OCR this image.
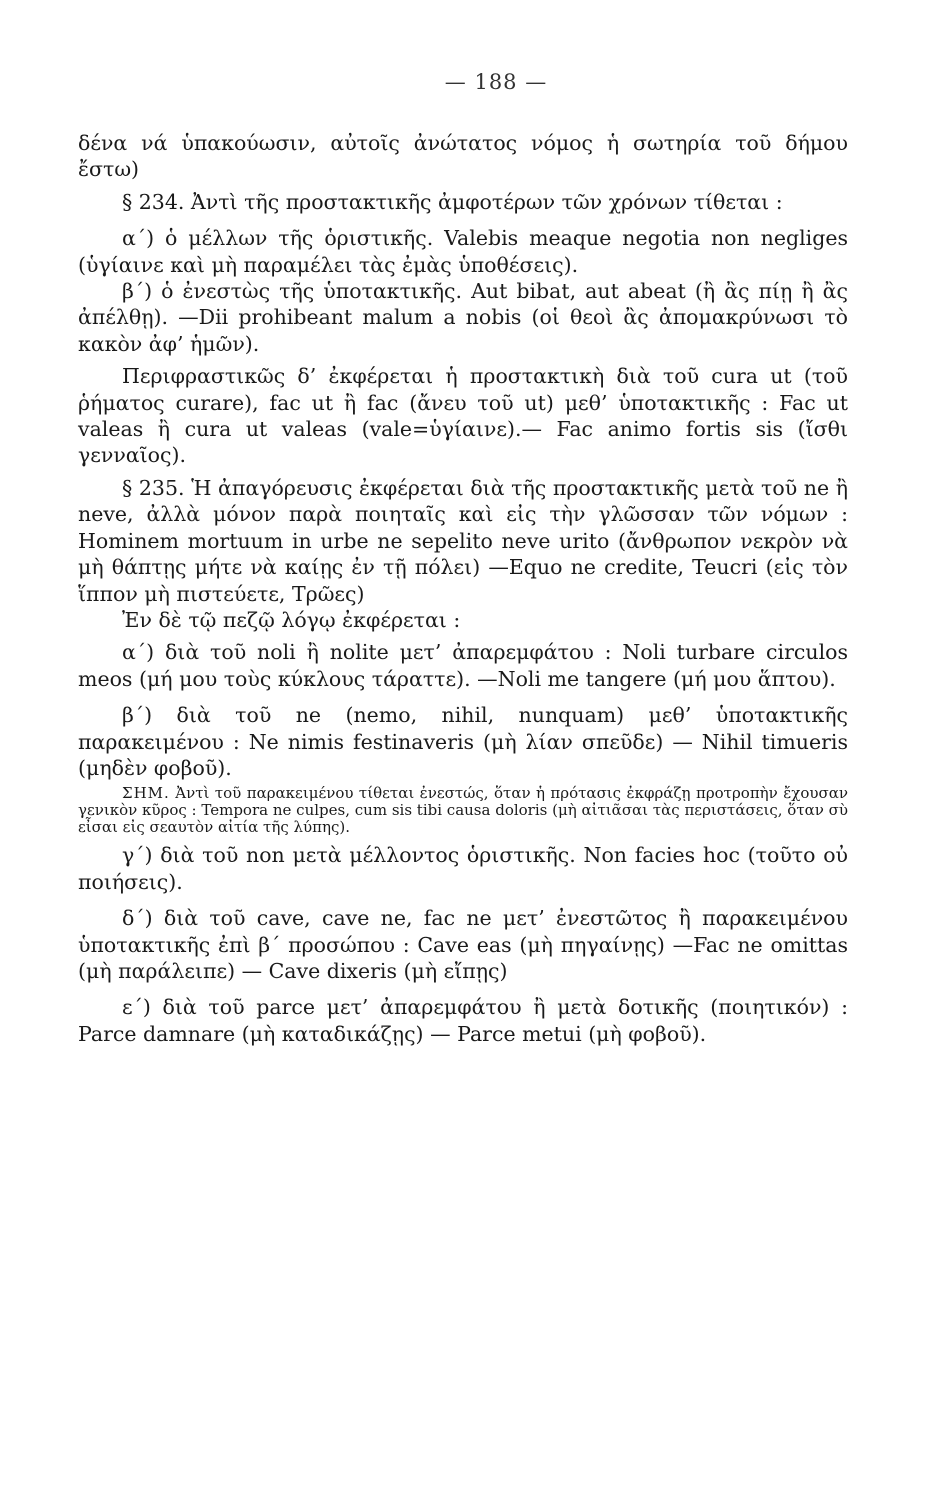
— 188 —

δένα νά ὑπακούωσιν, αὐτοῖς ἀνώτατος νόμος ἡ σωτηρία τοῦ δήμου ἔστω)

§ 234. Ἀντὶ τῆς προστακτικῆς ἀμφοτέρων τῶν χρόνων τίθεται :

α΄) ὁ μέλλων τῆς ὁριστικῆς. Valebis meaque negotia non negliges (ὑγίαινε καὶ μὴ παραμέλει τὰς ἐμὰς ὑποθέσεις).

β΄) ὁ ἐνεστὼς τῆς ὑποτακτικῆς. Aut bibat, aut abeat (ἢ ἂς πίῃ ἢ ἂς ἀπέλθῃ). —Dii prohibeant malum a nobis (οἱ θεοὶ ἂς ἀπομακρύνωσι τὸ κακὸν ἀφ’ ἡμῶν).

Περιφραστικῶς δ’ ἐκφέρεται ἡ προστακτικὴ διὰ τοῦ cura ut (τοῦ ῥήματος curare), fac ut ἢ fac (ἄνευ τοῦ ut) μεθ’ ὑποτακτικῆς : Fac ut valeas ἢ cura ut valeas (vale=ὑγίαινε).— Fac animo fortis sis (ἴσθι γενναῖος).

§ 235. Ἡ ἀπαγόρευσις ἐκφέρεται διὰ τῆς προστακτικῆς μετὰ τοῦ ne ἢ neve, ἀλλὰ μόνον παρὰ ποιηταῖς καὶ εἰς τὴν γλῶσσαν τῶν νόμων : Hominem mortuum in urbe ne sepelito neve urito (ἄνθρωπον νεκρὸν νὰ μὴ θάπτῃς μήτε νὰ καίῃς ἐν τῇ πόλει) —Equo ne credite, Teucri (εἰς τὸν ἵππον μὴ πιστεύετε, Τρῶες)

Ἐν δὲ τῷ πεζῷ λόγῳ ἐκφέρεται :

α΄) διὰ τοῦ noli ἢ nolite μετ’ ἀπαρεμφάτου : Noli turbare circulos meos (μή μου τοὺς κύκλους τάραττε). —Noli me tangere (μή μου ἅπτου).

β΄) διὰ τοῦ ne (nemo, nihil, nunquam) μεθ’ ὑποτακτικῆς παρακειμένου : Ne nimis festinaveris (μὴ λίαν σπεῦδε) — Nihil timueris (μηδὲν φοβοῦ).

ΣΗΜ. Ἀντὶ τοῦ παρακειμένου τίθεται ἐνεστώς, ὅταν ἡ πρότασις ἐκφράζῃ προτροπὴν ἔχουσαν γενικὸν κῦρος : Tempora ne culpes, cum sis tibi causa doloris (μὴ αἰτιᾶσαι τὰς περιστάσεις, ὅταν σὺ εἶσαι εἰς σεαυτὸν αἰτία τῆς λύπης).

γ΄) διὰ τοῦ non μετὰ μέλλοντος ὁριστικῆς. Non facies hoc (τοῦτο οὐ ποιήσεις).

δ΄) διὰ τοῦ cave, cave ne, fac ne μετ’ ἐνεστῶτος ἢ παρακειμένου ὑποτακτικῆς ἐπὶ β΄ προσώπου : Cave eas (μὴ πηγαίνῃς) —Fac ne omittas (μὴ παράλειπε) — Cave dixeris (μὴ εἴπῃς)

ε΄) διὰ τοῦ parce μετ’ ἀπαρεμφάτου ἢ μετὰ δοτικῆς (ποιητικόν) : Parce damnare (μὴ καταδικάζῃς) — Parce metui (μὴ φοβοῦ).
